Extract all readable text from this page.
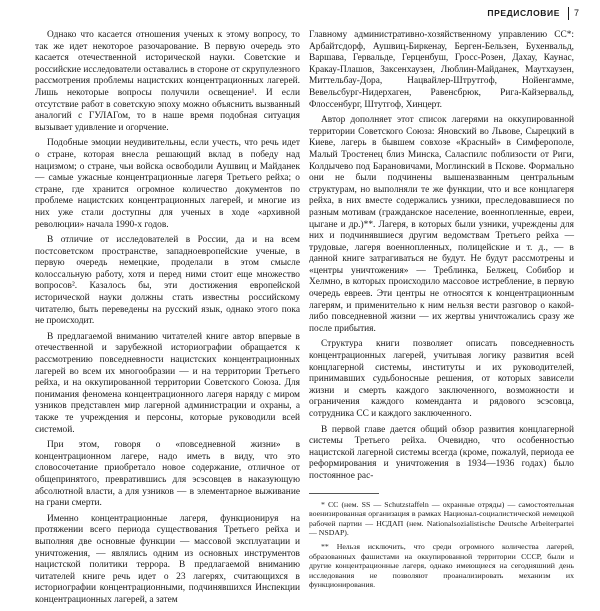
ПРЕДИСЛОВИЕ 7

Однако что касается отношения ученых к этому вопросу, то так же идет некоторое разочарование. В первую очередь это касается отечественной исторической науки. Советские и российские исследователи оставались в стороне от скрупулезного рассмотрения проблемы нацистских концентрационных лагерей. Лишь некоторые вопросы получили освещение¹. И если отсутствие работ в советскую эпоху можно объяснить вызванный аналогий с ГУЛАГом, то в наше время подобная ситуация вызывает удивление и огорчение.

Подобные эмоции неудивительны, если учесть, что речь идет о стране, которая внесла решающий вклад в победу над нацизмом; о стране, чьи войска освободили Аушвиц и Майданек — самые ужасные концентрационные лагеря Третьего рейха; о стране, где хранится огромное количество документов по проблеме нацистских концентрационных лагерей, и многие из них уже стали доступны для ученых в ходе «архивной революции» начала 1990-х годов.

В отличие от исследователей в России, да и на всем постсоветском пространстве, западноевропейские ученые, в первую очередь немецкие, проделали в этом смысле колоссальную работу, хотя и перед ними стоит еще множество вопросов². Казалось бы, эти достижения европейской исторической науки должны стать известны российскому читателю, быть переведены на русский язык, однако этого пока не происходит.

В предлагаемой вниманию читателей книге автор впервые в отечественной и зарубежной историографии обращается к рассмотрению повседневности нацистских концентрационных лагерей во всем их многообразии — и на территории Третьего рейха, и на оккупированной территории Советского Союза. Для понимания феномена концентрационного лагеря наряду с миром узников представлен мир лагерной администрации и охраны, а также те учреждения и персоны, которые руководили всей системой.

При этом, говоря о «повседневной жизни» в концентрационном лагере, надо иметь в виду, что это словосочетание приобретало новое содержание, отличное от общепринятого, превратившись для эсэсовцев в наказующую абсолютной власти, а для узников — в элементарное выживание на грани смерти.

Именно концентрационные лагеря, функционируя на протяжении всего периода существования Третьего рейха и выполняя две основные функции — массовой эксплуатации и уничтожения, — являлись одним из основных инструментов нацистской политики террора. В предлагаемой вниманию читателей книге речь идет о 23 лагерях, считающихся в историографии концентрационными, подчинявшихся Инспекции концентрационных лагерей, а затем

Главному административно-хозяйственному управлению СС*: Арбайтсдорф, Аушвиц-Биркенау, Берген-Бельзен, Бухенвальд, Варшава, Гервальде, Герценбуш, Гросс-Розен, Дахау, Каунас, Кракау-Плашов, Заксенхаузен, Люблин-Майданек, Маутхаузен, Миттельбау-Дора, Нацвайлер-Штрутгоф, Нойенгамме, Вевельсбург-Нидерхаген, Равенсбрюк, Рига-Кайзервальд, Флоссенбург, Штутгоф, Хинцерт.

Автор дополняет этот список лагерями на оккупированной территории Советского Союза: Яновский во Львове, Сырецкий в Киеве, лагерь в бывшем совхозе «Красный» в Симферополе, Малый Тростенец близ Минска, Саласпилс поблизости от Риги, Колдычево под Барановичами, Моглинский в Пскове. Формально они не были подчинены вышеназванным центральным структурам, но выполняли те же функции, что и все концлагеря рейха, в них вместе содержались узники, преследовавшиеся по разным мотивам (гражданское население, военнопленные, евреи, цыгане и др.)**. Лагеря, в которых были узники, учреждены для них и подчинявшиеся другим ведомствам Третьего рейха — трудовые, лагеря военнопленных, полицейские и т. д., — в данной книге затрагиваться не будут. Не будут рассмотрены и «центры уничтожения» — Треблинка, Белжец, Собибор и Хелмно, в которых происходило массовое истребление, в первую очередь евреев. Эти центры не относятся к концентрационным лагерям, и применительно к ним нельзя вести разговор о какой-либо повседневной жизни — их жертвы уничтожались сразу же после прибытия.

Структура книги позволяет описать повседневность концентрационных лагерей, учитывая логику развития всей концлагерной системы, институты и их руководителей, принимавших судьбоносные решения, от которых зависели жизни и смерть каждого заключенного, возможности и ограничения каждого коменданта и рядового эсэсовца, сотрудника СС и каждого заключенного.

В первой главе дается общий обзор развития концлагерной системы Третьего рейха. Очевидно, что особенностью нацистской лагерной системы всегда (кроме, пожалуй, периода ее реформирования и уничтожения в 1934—1936 годах) было постоянное рас-

* СС (нем. SS — Schutzstaffeln — охранные отряды) — самостоятельная военизированная организация в рамках Национал-социалистической немецкой рабочей партии — НСДАП (нем. Nationalsozialistische Deutsche Arbeiterpartei — NSDAP).

** Нельзя исключить, что среди огромного количества лагерей, образованных фашистами на оккупированной территории СССР, были и другие концентрационные лагеря, однако имеющиеся на сегодняшний день исследования не позволяют проанализировать механизм их функционирования.
